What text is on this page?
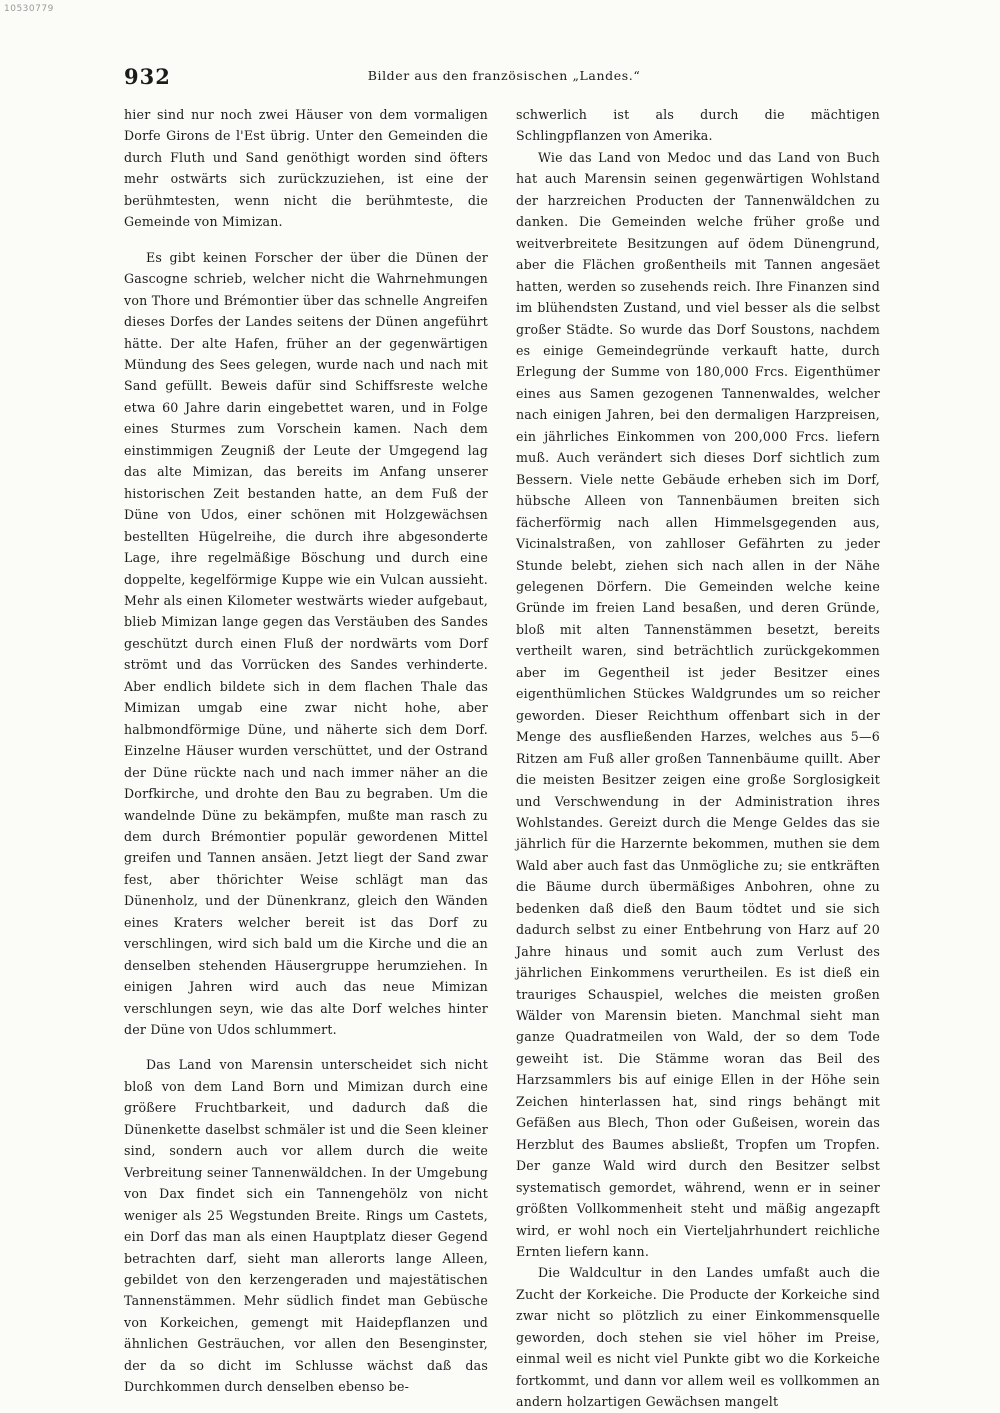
10530779
932	Bilder aus den französischen „Landes.“

hier sind nur noch zwei Häuser von dem vormaligen Dorfe Girons de l'Est übrig. Unter den Gemeinden die durch Fluth und Sand genöthigt worden sind öfters mehr ostwärts sich zurückzuziehen, ist eine der berühmtesten, wenn nicht die berühmteste, die Gemeinde von Mimizan.

Es gibt keinen Forscher der über die Dünen der Gascogne schrieb, welcher nicht die Wahrnehmungen von Thore und Brémontier über das schnelle Angreifen dieses Dorfes der Landes seitens der Dünen angeführt hätte. Der alte Hafen, früher an der gegenwärtigen Mündung des Sees gelegen, wurde nach und nach mit Sand gefüllt. Beweis dafür sind Schiffsreste welche etwa 60 Jahre darin eingebettet waren, und in Folge eines Sturmes zum Vorschein kamen. Nach dem einstimmigen Zeugniß der Leute der Umgegend lag das alte Mimizan, das bereits im Anfang unserer historischen Zeit bestanden hatte, an dem Fuß der Düne von Udos, einer schönen mit Holzgewächsen bestellten Hügelreihe, die durch ihre abgesonderte Lage, ihre regelmäßige Böschung und durch eine doppelte, kegelförmige Kuppe wie ein Vulcan aussieht. Mehr als einen Kilometer westwärts wieder aufgebaut, blieb Mimizan lange gegen das Verstäuben des Sandes geschützt durch einen Fluß der nordwärts vom Dorf strömt und das Vorrücken des Sandes verhinderte. Aber endlich bildete sich in dem flachen Thale das Mimizan umgab eine zwar nicht hohe, aber halbmondförmige Düne, und näherte sich dem Dorf. Einzelne Häuser wurden verschüttet, und der Ostrand der Düne rückte nach und nach immer näher an die Dorfkirche, und drohte den Bau zu begraben. Um die wandelnde Düne zu bekämpfen, mußte man rasch zu dem durch Brémontier populär gewordenen Mittel greifen und Tannen ansäen. Jetzt liegt der Sand zwar fest, aber thörichter Weise schlägt man das Dünenholz, und der Dünenkranz, gleich den Wänden eines Kraters welcher bereit ist das Dorf zu verschlingen, wird sich bald um die Kirche und die an denselben stehenden Häusergruppe herumziehen. In einigen Jahren wird auch das neue Mimizan verschlungen seyn, wie das alte Dorf welches hinter der Düne von Udos schlummert.

Das Land von Marensin unterscheidet sich nicht bloß von dem Land Born und Mimizan durch eine größere Fruchtbarkeit, und dadurch daß die Dünenkette daselbst schmäler ist und die Seen kleiner sind, sondern auch vor allem durch die weite Verbreitung seiner Tannenwäldchen. In der Umgebung von Dax findet sich ein Tannengehölz von nicht weniger als 25 Wegstunden Breite. Rings um Castets, ein Dorf das man als einen Hauptplatz dieser Gegend betrachten darf, sieht man allerorts lange Alleen, gebildet von den kerzengeraden und majestätischen Tannenstämmen. Mehr südlich findet man Gebüsche von Korkeichen, gemengt mit Haidepflanzen und ähnlichen Gesträuchen, vor allen den Besenginster, der da so dicht im Schlusse wächst daß das Durchkommen durch denselben ebenso be-

schwerlich ist als durch die mächtigen Schlingpflanzen von Amerika.

Wie das Land von Medoc und das Land von Buch hat auch Marensin seinen gegenwärtigen Wohlstand der harzreichen Producten der Tannenwäldchen zu danken. Die Gemeinden welche früher große und weitverbreitete Besitzungen auf ödem Dünengrund, aber die Flächen großentheils mit Tannen angesäet hatten, werden so zusehends reich. Ihre Finanzen sind im blühendsten Zustand, und viel besser als die selbst großer Städte. So wurde das Dorf Soustons, nachdem es einige Gemeindegründe verkauft hatte, durch Erlegung der Summe von 180,000 Frcs. Eigenthümer eines aus Samen gezogenen Tannenwaldes, welcher nach einigen Jahren, bei den dermaligen Harzpreisen, ein jährliches Einkommen von 200,000 Frcs. liefern muß. Auch verändert sich dieses Dorf sichtlich zum Bessern. Viele nette Gebäude erheben sich im Dorf, hübsche Alleen von Tannenbäumen breiten sich fächerförmig nach allen Himmelsgegenden aus, Vicinalstraßen, von zahlloser Gefährten zu jeder Stunde belebt, ziehen sich nach allen in der Nähe gelegenen Dörfern. Die Gemeinden welche keine Gründe im freien Land besaßen, und deren Gründe, bloß mit alten Tannenstämmen besetzt, bereits vertheilt waren, sind beträchtlich zurückgekommen aber im Gegentheil ist jeder Besitzer eines eigenthümlichen Stückes Waldgrundes um so reicher geworden. Dieser Reichthum offenbart sich in der Menge des ausfließenden Harzes, welches aus 5—6 Ritzen am Fuß aller großen Tannenbäume quillt. Aber die meisten Besitzer zeigen eine große Sorglosigkeit und Verschwendung in der Administration ihres Wohlstandes. Gereizt durch die Menge Geldes das sie jährlich für die Harzernte bekommen, muthen sie dem Wald aber auch fast das Unmögliche zu; sie entkräften die Bäume durch übermäßiges Anbohren, ohne zu bedenken daß dieß den Baum tödtet und sie sich dadurch selbst zu einer Entbehrung von Harz auf 20 Jahre hinaus und somit auch zum Verlust des jährlichen Einkommens verurtheilen. Es ist dieß ein trauriges Schauspiel, welches die meisten großen Wälder von Marensin bieten. Manchmal sieht man ganze Quadratmeilen von Wald, der so dem Tode geweiht ist. Die Stämme woran das Beil des Harzsammlers bis auf einige Ellen in der Höhe sein Zeichen hinterlassen hat, sind rings behängt mit Gefäßen aus Blech, Thon oder Gußeisen, worein das Herzblut des Baumes absließt, Tropfen um Tropfen. Der ganze Wald wird durch den Besitzer selbst systematisch gemordet, während, wenn er in seiner größten Vollkommenheit steht und mäßig angezapft wird, er wohl noch ein Vierteljahrhundert reichliche Ernten liefern kann.

Die Waldcultur in den Landes umfaßt auch die Zucht der Korkeiche. Die Producte der Korkeiche sind zwar nicht so plötzlich zu einer Einkommensquelle geworden, doch stehen sie viel höher im Preise, einmal weil es nicht viel Punkte gibt wo die Korkeiche fortkommt, und dann vor allem weil es vollkommen an andern holzartigen Gewächsen mangelt
